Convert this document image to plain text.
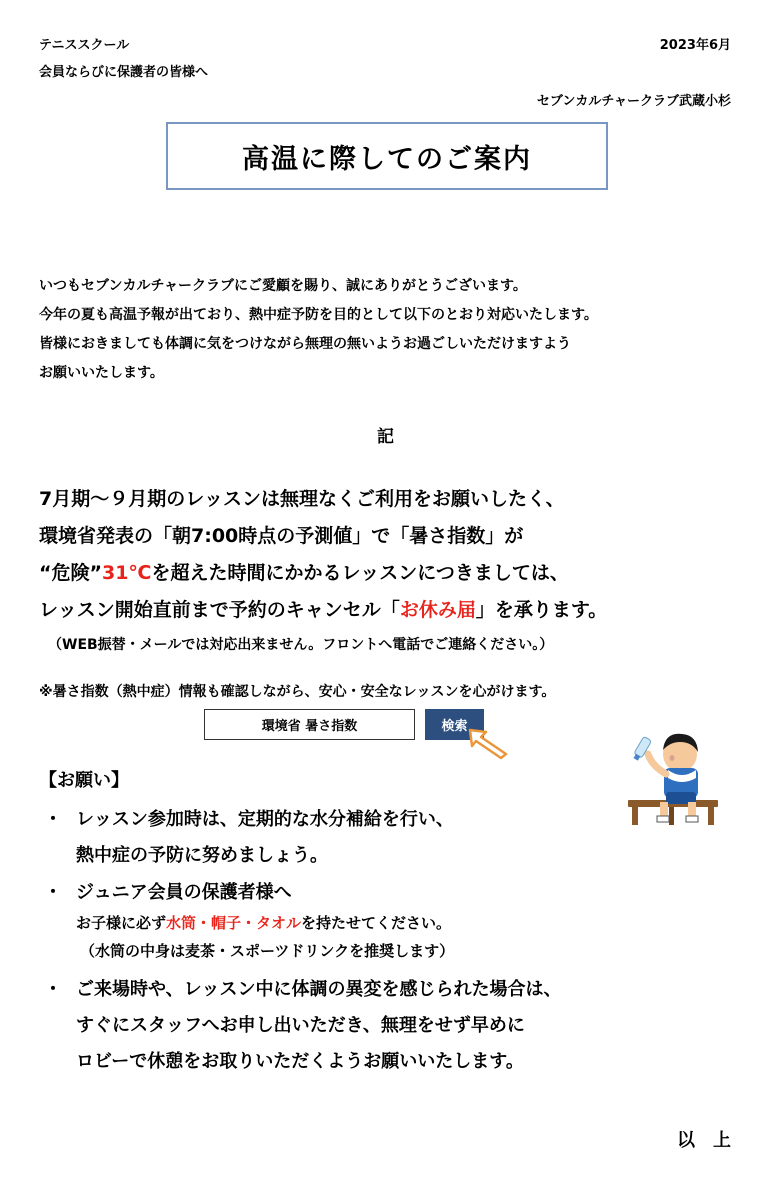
テニススクール
会員ならびに保護者の皆様へ
2023年6月
セブンカルチャークラブ武蔵小杉
高温に際してのご案内
いつもセブンカルチャークラブにご愛顧を賜り、誠にありがとうございます。
今年の夏も高温予報が出ており、熱中症予防を目的として以下のとおり対応いたします。
皆様におきましても体調に気をつけながら無理の無いようお過ごしいただけますよう
お願いいたします。
記
7月期～９月期のレッスンは無理なくご利用をお願いしたく、
環境省発表の「朝7:00時点の予測値」で「暑さ指数」が
“危険”31℃を超えた時間にかかるレッスンにつきましては、
レッスン開始直前まで予約のキャンセル「お休み届」を承ります。
（WEB振替・メールでは対応出来ません。フロントへ電話でご連絡ください。）
※暑さ指数（熱中症）情報も確認しながら、安心・安全なレッスンを心がけます。
環境省 暑さ指数	検索
【お願い】
・ レッスン参加時は、定期的な水分補給を行い、
熱中症の予防に努めましょう。
・ ジュニア会員の保護者様へ
お子様に必ず水筒・帽子・タオルを持たせてください。
（水筒の中身は麦茶・スポーツドリンクを推奨します）
・ ご来場時や、レッスン中に体調の異変を感じられた場合は、
すぐにスタッフへお申し出いただき、無理をせず早めに
ロビーで休憩をお取りいただくようお願いいたします。
以　上
